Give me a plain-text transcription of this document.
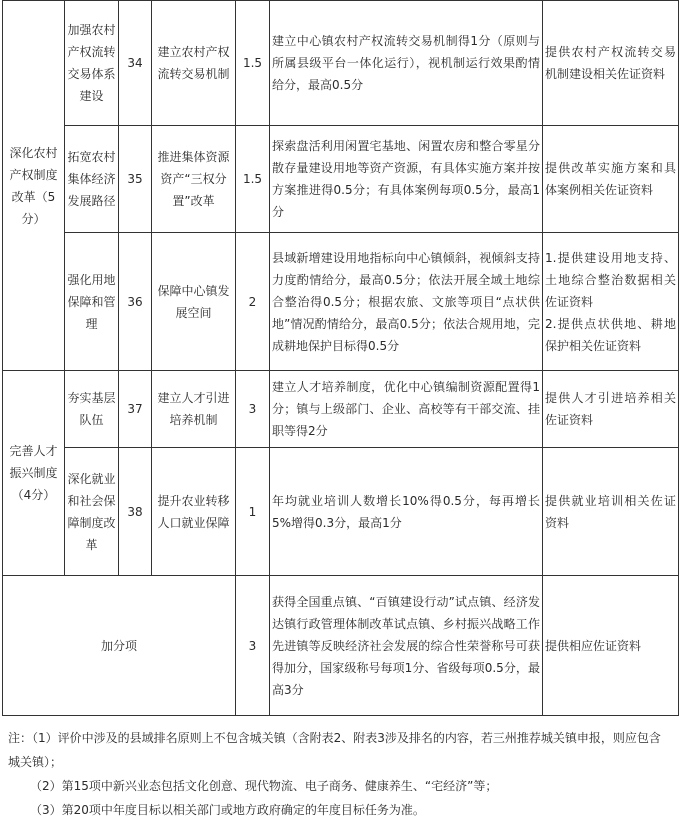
深化农村产权制度改革（5分）	加强农村产权流转交易体系建设	34	建立农村产权流转交易机制	1.5	建立中心镇农村产权流转交易机制得1分（原则与所属县级平台一体化运行），视机制运行效果酌情给分，最高0.5分	提供农村产权流转交易机制建设相关佐证资料
	拓宽农村集体经济发展路径	35	推进集体资源资产“三权分置”改革	1.5	探索盘活利用闲置宅基地、闲置农房和整合零星分散存量建设用地等资产资源，有具体实施方案并按方案推进得0.5分；有具体案例每项0.5分，最高1分	提供改革实施方案和具体案例相关佐证资料
	强化用地保障和管理	36	保障中心镇发展空间	2	县域新增建设用地指标向中心镇倾斜，视倾斜支持力度酌情给分，最高0.5分；依法开展全域土地综合整治得0.5分；根据农旅、文旅等项目“点状供地”情况酌情给分，最高0.5分；依法合规用地，完成耕地保护目标得0.5分	1.提供建设用地支持、土地综合整治数据相关佐证资料
2.提供点状供地、耕地保护相关佐证资料

完善人才振兴制度（4分）	夯实基层队伍	37	建立人才引进培养机制	3	建立人才培养制度，优化中心镇编制资源配置得1分；镇与上级部门、企业、高校等有干部交流、挂职等得2分	提供人才引进培养相关佐证资料
	深化就业和社会保障制度改革	38	提升农业转移人口就业保障	1	年均就业培训人数增长10%得0.5分，每再增长5%增得0.3分，最高1分	提供就业培训相关佐证资料
加分项				3	获得全国重点镇、“百镇建设行动”试点镇、经济发达镇行政管理体制改革试点镇、乡村振兴战略工作先进镇等反映经济社会发展的综合性荣誉称号可获得加分，国家级称号每项1分、省级每项0.5分，最高3分	提供相应佐证资料

注：（1）评价中涉及的县域排名原则上不包含城关镇（含附表2、附表3涉及排名的内容，若三州推荐城关镇申报，则应包含城关镇）；

（2）第15项中新兴业态包括文化创意、现代物流、电子商务、健康养生、“宅经济”等；

（3）第20项中年度目标以相关部门或地方政府确定的年度目标任务为准。
